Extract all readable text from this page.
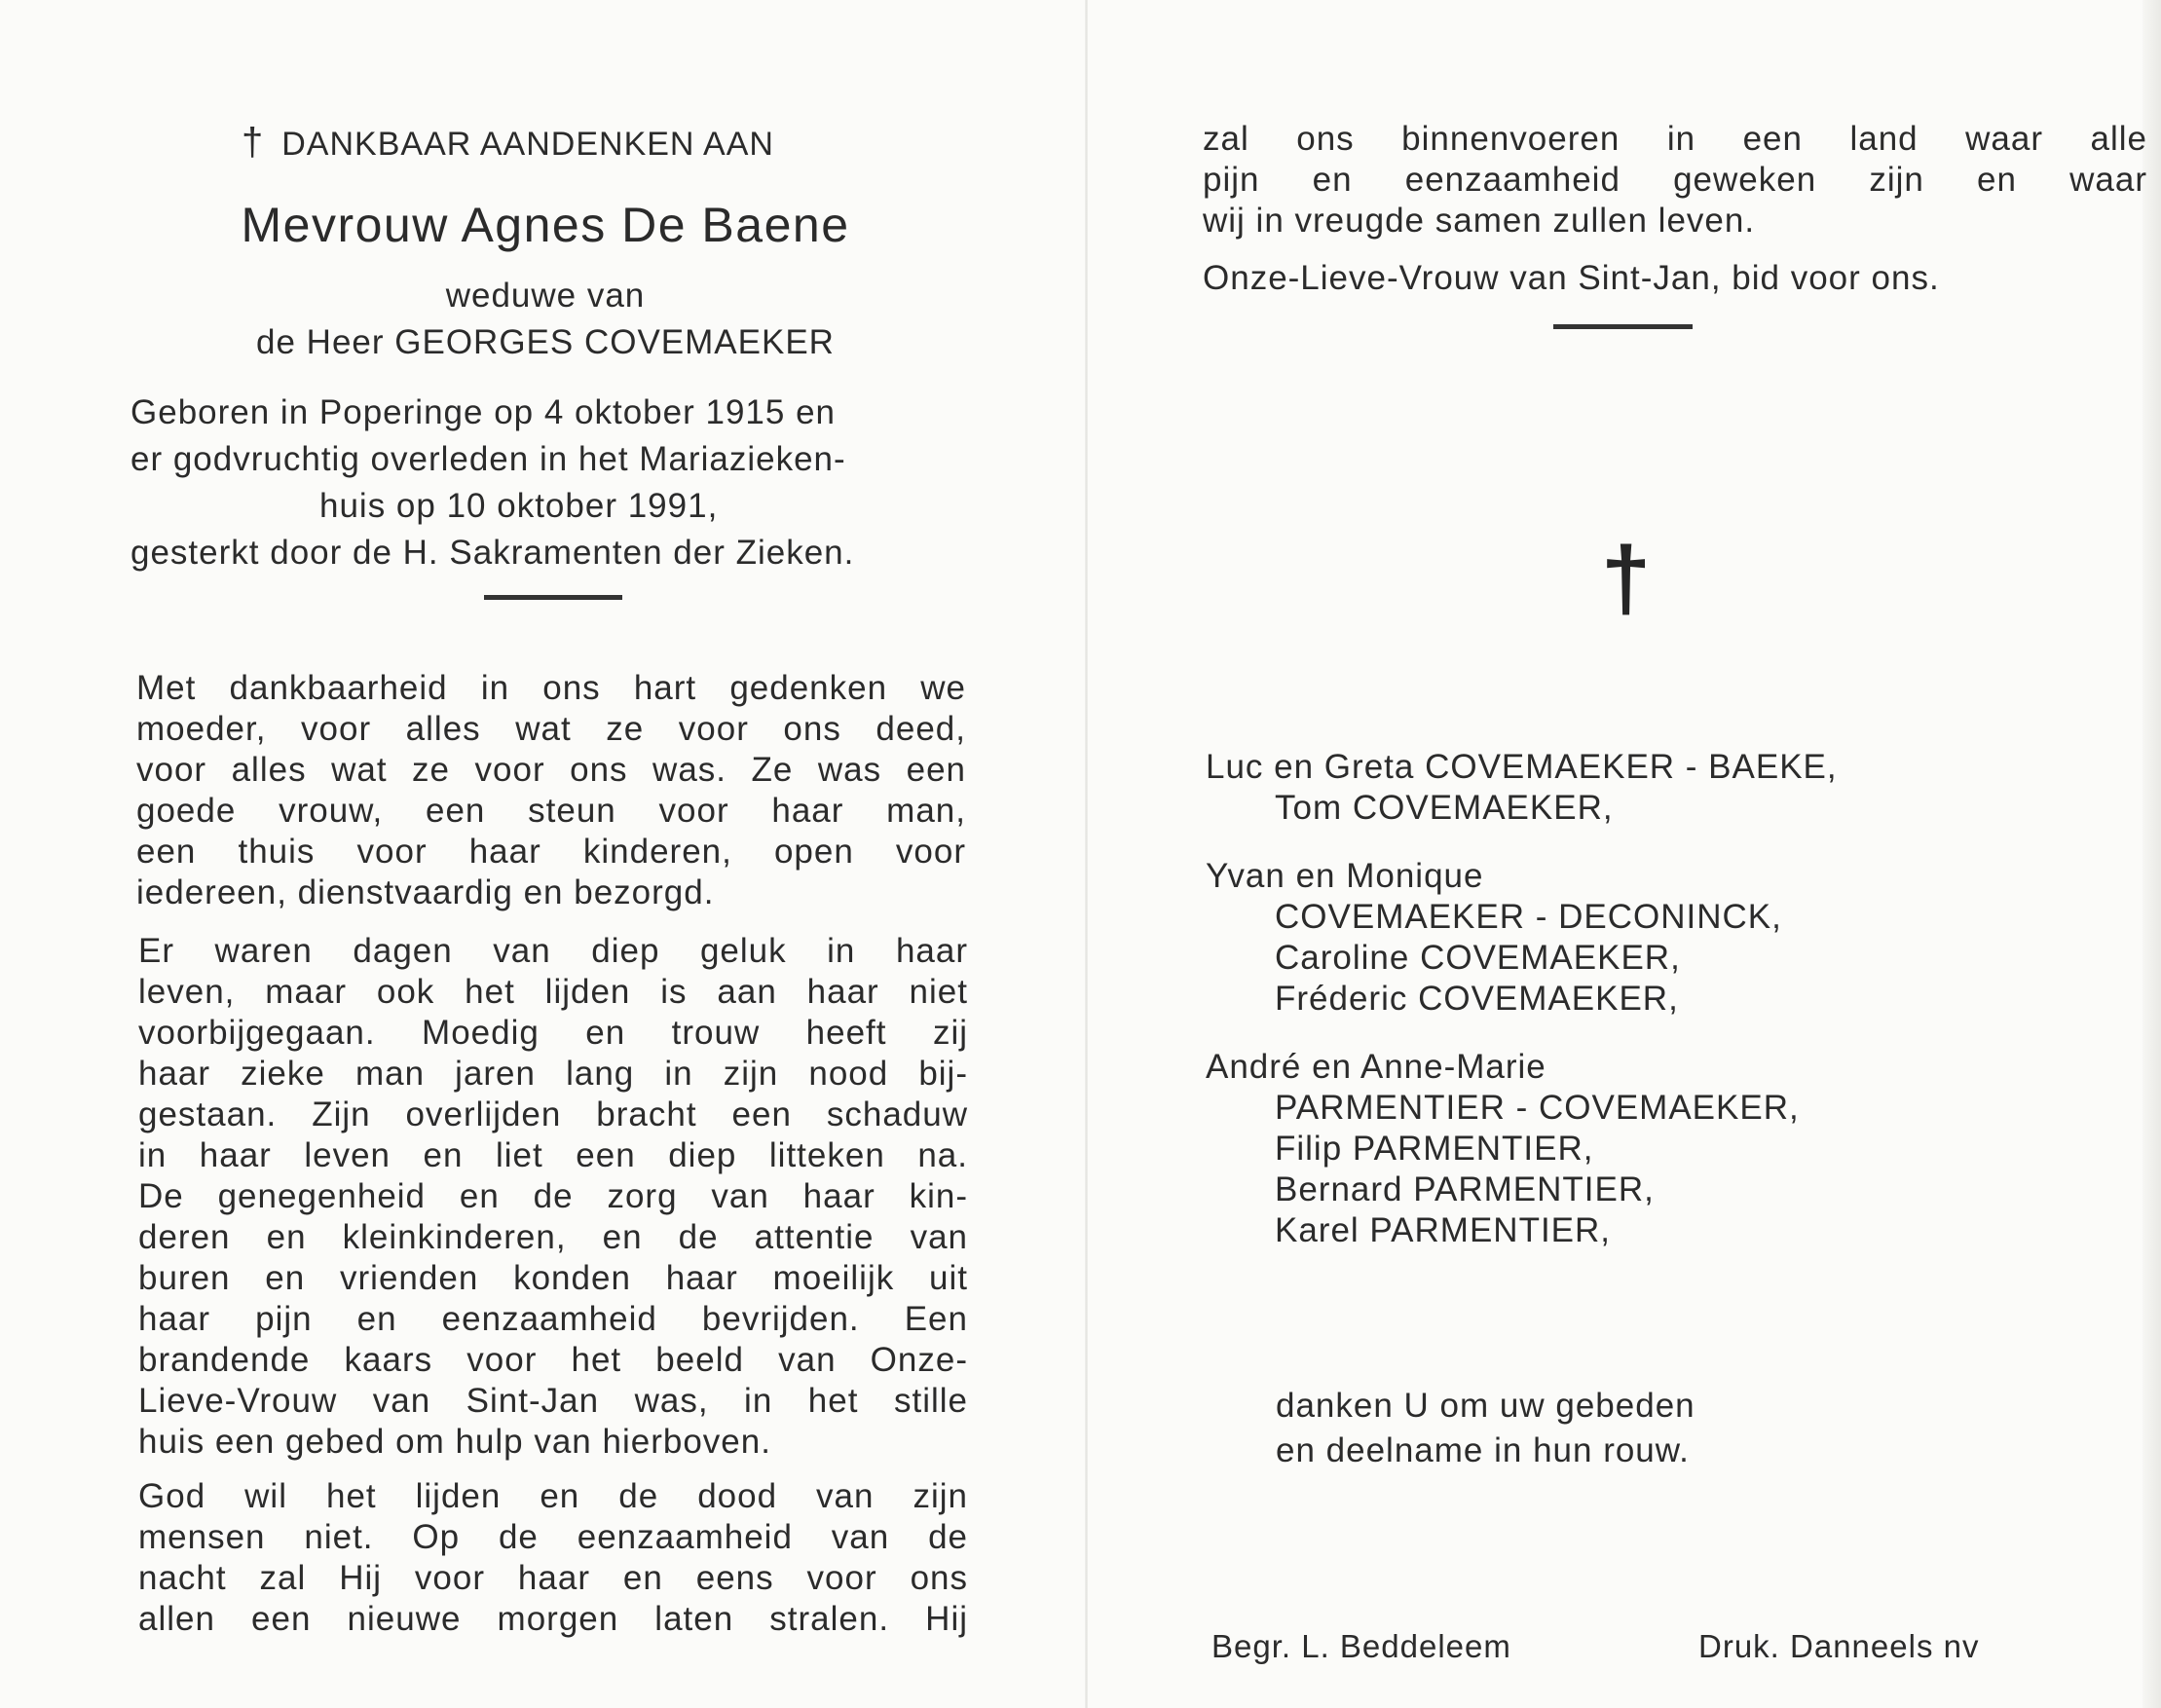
† DANKBAAR AANDENKEN AAN
Mevrouw Agnes De Baene
weduwe van
de Heer GEORGES COVEMAEKER
Geboren in Poperinge op 4 oktober 1915 en
er godvruchtig overleden in het Mariazieken-
huis op 10 oktober 1991,
gesterkt door de H. Sakramenten der Zieken.
Met dankbaarheid in ons hart gedenken we
moeder, voor alles wat ze voor ons deed,
voor alles wat ze voor ons was. Ze was een
goede vrouw, een steun voor haar man,
een thuis voor haar kinderen, open voor
iedereen, dienstvaardig en bezorgd.
Er waren dagen van diep geluk in haar
leven, maar ook het lijden is aan haar niet
voorbijgegaan. Moedig en trouw heeft zij
haar zieke man jaren lang in zijn nood bij-
gestaan. Zijn overlijden bracht een schaduw
in haar leven en liet een diep litteken na.
De genegenheid en de zorg van haar kin-
deren en kleinkinderen, en de attentie van
buren en vrienden konden haar moeilijk uit
haar pijn en eenzaamheid bevrijden. Een
brandende kaars voor het beeld van Onze-
Lieve-Vrouw van Sint-Jan was, in het stille
huis een gebed om hulp van hierboven.
God wil het lijden en de dood van zijn
mensen niet. Op de eenzaamheid van de
nacht zal Hij voor haar en eens voor ons
allen een nieuwe morgen laten stralen. Hij
zal ons binnenvoeren in een land waar alle
pijn en eenzaamheid geweken zijn en waar
wij in vreugde samen zullen leven.
Onze-Lieve-Vrouw van Sint-Jan, bid voor ons.
†
Luc en Greta COVEMAEKER - BAEKE,
Tom COVEMAEKER,
Yvan en Monique
COVEMAEKER - DECONINCK,
Caroline COVEMAEKER,
Fréderic COVEMAEKER,
André en Anne-Marie
PARMENTIER - COVEMAEKER,
Filip PARMENTIER,
Bernard PARMENTIER,
Karel PARMENTIER,
danken U om uw gebeden
en deelname in hun rouw.
Begr. L. Beddeleem	Druk. Danneels nv
